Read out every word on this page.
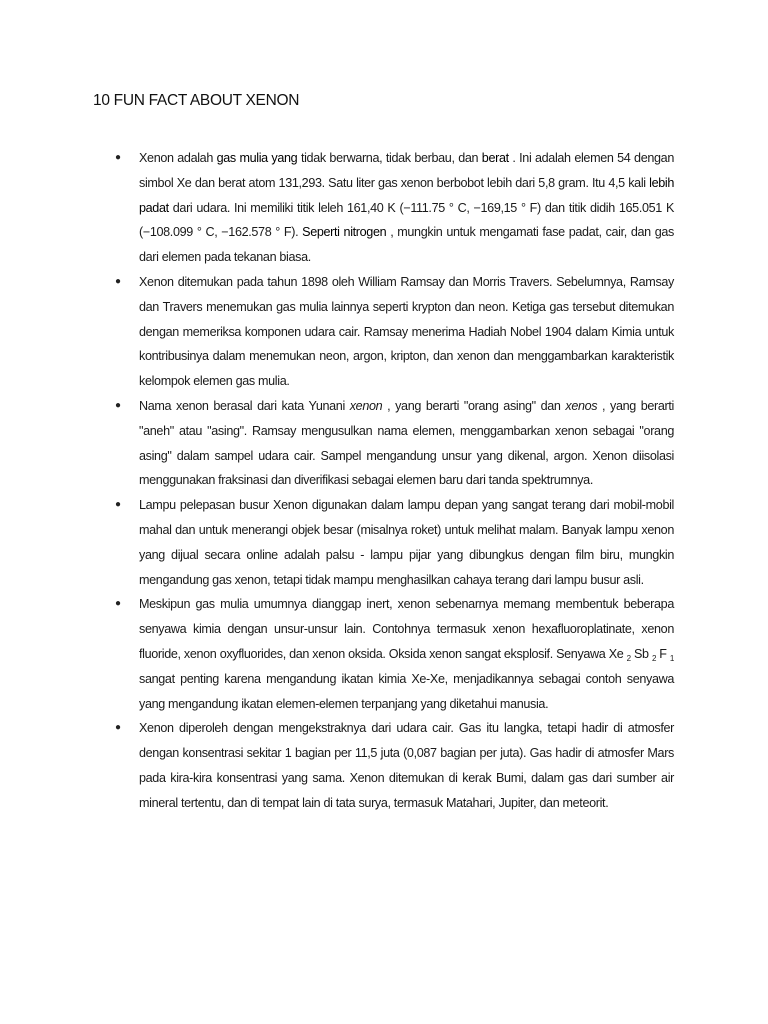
10 FUN FACT ABOUT XENON
●	Xenon adalah gas mulia yang tidak berwarna, tidak berbau, dan berat . Ini adalah elemen 54 dengan simbol Xe dan berat atom 131,293. Satu liter gas xenon berbobot lebih dari 5,8 gram. Itu 4,5 kali lebih padat dari udara. Ini memiliki titik leleh 161,40 K (−111.75 ° C, −169,15 ° F) dan titik didih 165.051 K (−108.099 ° C, −162.578 ° F). Seperti nitrogen , mungkin untuk mengamati fase padat, cair, dan gas dari elemen pada tekanan biasa.
●	Xenon ditemukan pada tahun 1898 oleh William Ramsay dan Morris Travers. Sebelumnya, Ramsay dan Travers menemukan gas mulia lainnya seperti krypton dan neon. Ketiga gas tersebut ditemukan dengan memeriksa komponen udara cair. Ramsay menerima Hadiah Nobel 1904 dalam Kimia untuk kontribusinya dalam menemukan neon, argon, kripton, dan xenon dan menggambarkan karakteristik kelompok elemen gas mulia.
●	Nama xenon berasal dari kata Yunani xenon , yang berarti "orang asing" dan xenos , yang berarti "aneh" atau "asing". Ramsay mengusulkan nama elemen, menggambarkan xenon sebagai "orang asing" dalam sampel udara cair. Sampel mengandung unsur yang dikenal, argon. Xenon diisolasi menggunakan fraksinasi dan diverifikasi sebagai elemen baru dari tanda spektrumnya.
●	Lampu pelepasan busur Xenon digunakan dalam lampu depan yang sangat terang dari mobil-mobil mahal dan untuk menerangi objek besar (misalnya roket) untuk melihat malam. Banyak lampu xenon yang dijual secara online adalah palsu - lampu pijar yang dibungkus dengan film biru, mungkin mengandung gas xenon, tetapi tidak mampu menghasilkan cahaya terang dari lampu busur asli.
●	Meskipun gas mulia umumnya dianggap inert, xenon sebenarnya memang membentuk beberapa senyawa kimia dengan unsur-unsur lain. Contohnya termasuk xenon hexafluoroplatinate, xenon fluoride, xenon oxyfluorides, dan xenon oksida. Oksida xenon sangat eksplosif. Senyawa Xe $_2$ Sb $_2$ F $_1$ sangat penting karena mengandung ikatan kimia Xe-Xe, menjadikannya sebagai contoh senyawa yang mengandung ikatan elemen-elemen terpanjang yang diketahui manusia.
●	Xenon diperoleh dengan mengekstraknya dari udara cair. Gas itu langka, tetapi hadir di atmosfer dengan konsentrasi sekitar 1 bagian per 11,5 juta (0,087 bagian per juta). Gas hadir di atmosfer Mars pada kira-kira konsentrasi yang sama. Xenon ditemukan di kerak Bumi, dalam gas dari sumber air mineral tertentu, dan di tempat lain di tata surya, termasuk Matahari, Jupiter, dan meteorit.
